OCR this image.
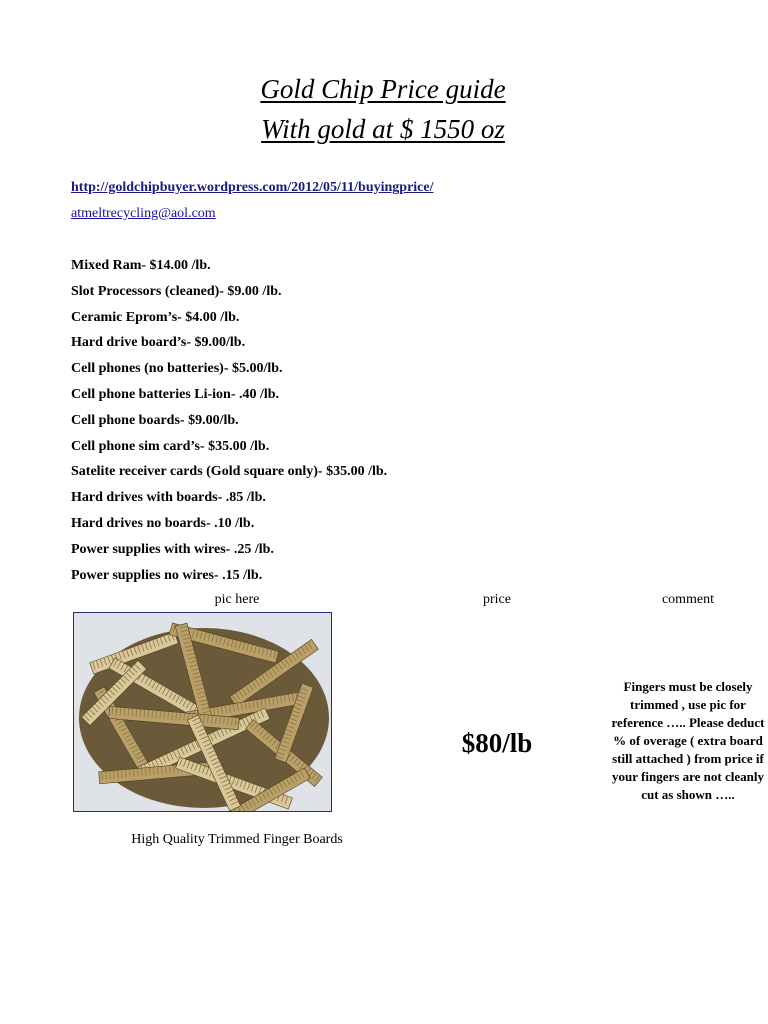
Gold Chip Price guide
With gold at $ 1550 oz
http://goldchipbuyer.wordpress.com/2012/05/11/buyingprice/
atmeltrecycling@aol.com
Mixed Ram- $14.00 /lb.
Slot Processors (cleaned)- $9.00 /lb.
Ceramic Eprom’s- $4.00 /lb.
Hard drive board’s- $9.00/lb.
Cell phones (no batteries)- $5.00/lb.
Cell phone batteries Li-ion- .40 /lb.
Cell phone boards- $9.00/lb.
Cell phone sim card’s- $35.00 /lb.
Satelite receiver cards (Gold square only)- $35.00 /lb.
Hard drives with boards- .85 /lb.
Hard drives no boards- .10 /lb.
Power supplies with wires- .25 /lb.
Power supplies no wires- .15 /lb.
pic here	price	comment
High Quality Trimmed Finger Boards
$80/lb
Fingers must be closely
trimmed , use pic for
reference ….. Please deduct
% of overage ( extra board
still attached ) from price if
your fingers are not cleanly
cut as shown …..
